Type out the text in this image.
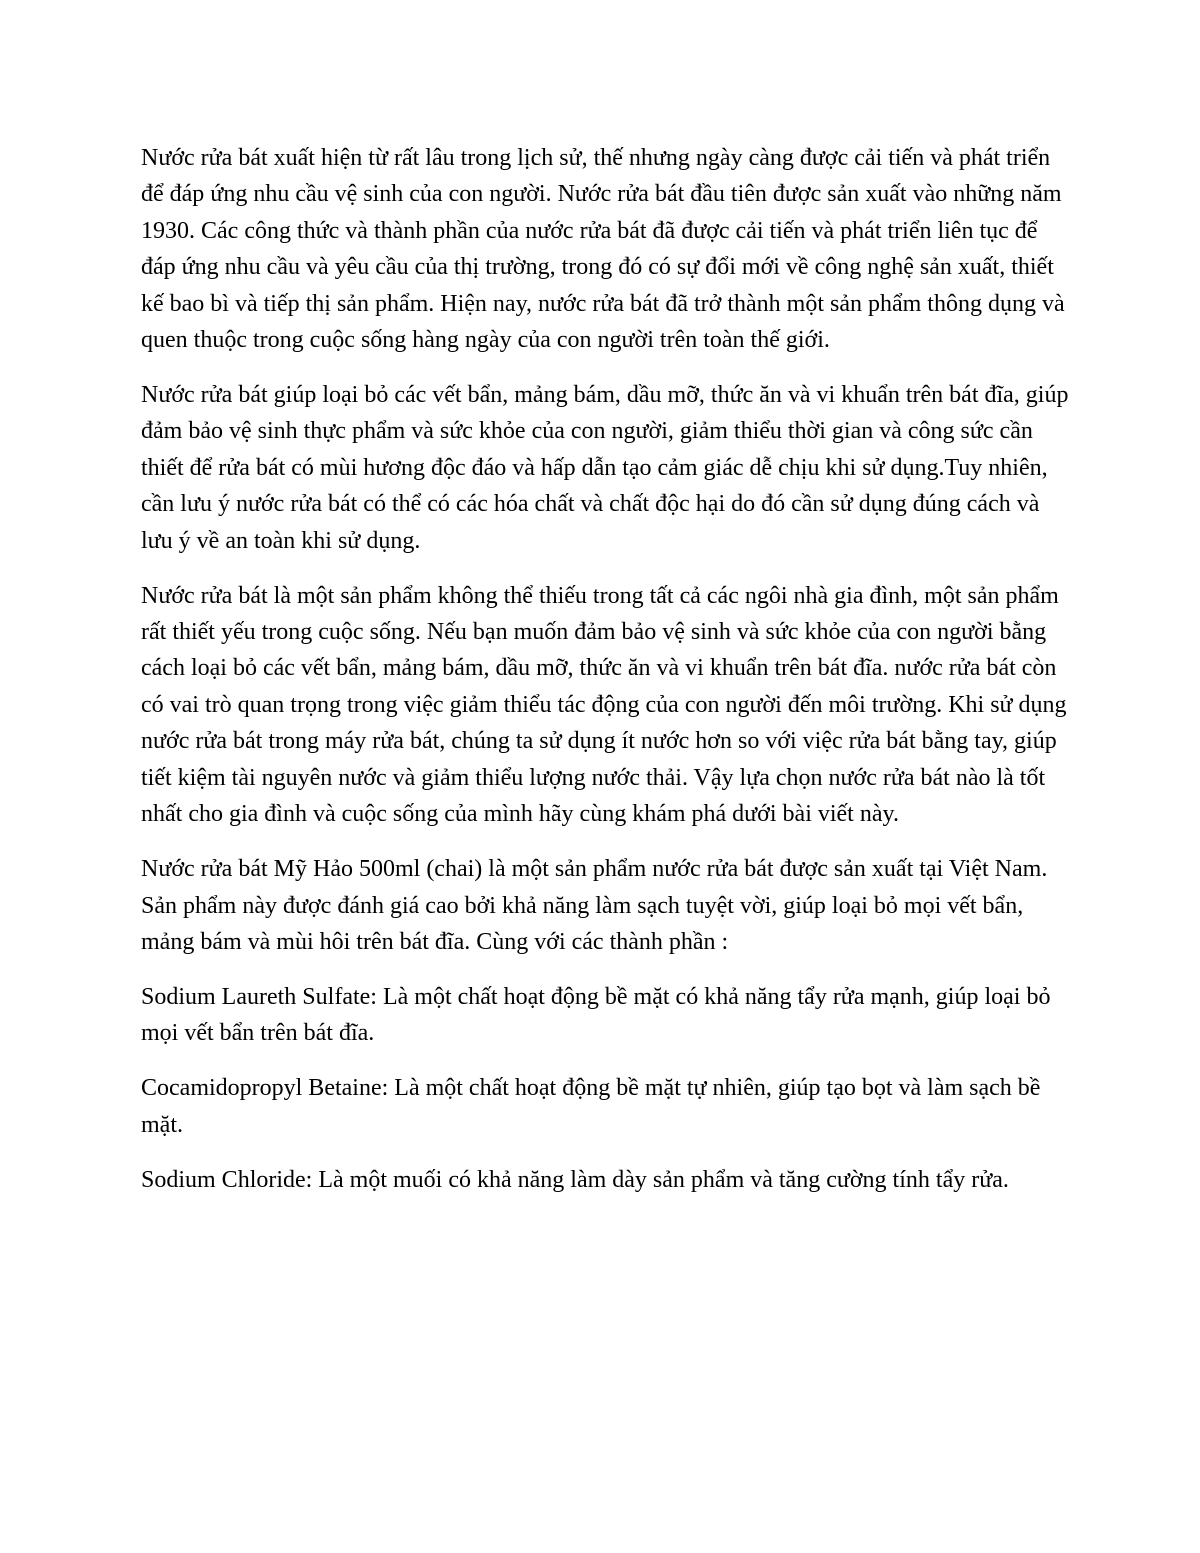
Nước rửa bát xuất hiện từ rất lâu trong lịch sử, thế nhưng ngày càng được cải tiến và phát triển để đáp ứng nhu cầu vệ sinh của con người. Nước rửa bát đầu tiên được sản xuất vào những năm 1930. Các công thức và thành phần của nước rửa bát đã được cải tiến và phát triển liên tục để đáp ứng nhu cầu và yêu cầu của thị trường, trong đó có sự đổi mới về công nghệ sản xuất, thiết kế bao bì và tiếp thị sản phẩm. Hiện nay, nước rửa bát đã trở thành một sản phẩm thông dụng và quen thuộc trong cuộc sống hàng ngày của con người trên toàn thế giới.

Nước rửa bát giúp loại bỏ các vết bẩn, mảng bám, dầu mỡ, thức ăn và vi khuẩn trên bát đĩa, giúp đảm bảo vệ sinh thực phẩm và sức khỏe của con người, giảm thiểu thời gian và công sức cần thiết để rửa bát có mùi hương độc đáo và hấp dẫn tạo cảm giác dễ chịu khi sử dụng.Tuy nhiên, cần lưu ý nước rửa bát có thể có các hóa chất và chất độc hại do đó cần sử dụng đúng cách và lưu ý về an toàn khi sử dụng.

Nước rửa bát là một sản phẩm không thể thiếu trong tất cả các ngôi nhà gia đình, một sản phẩm rất thiết yếu trong cuộc sống. Nếu bạn muốn đảm bảo vệ sinh và sức khỏe của con người bằng cách loại bỏ các vết bẩn, mảng bám, dầu mỡ, thức ăn và vi khuẩn trên bát đĩa. nước rửa bát còn có vai trò quan trọng trong việc giảm thiểu tác động của con người đến môi trường. Khi sử dụng nước rửa bát trong máy rửa bát, chúng ta sử dụng ít nước hơn so với việc rửa bát bằng tay, giúp tiết kiệm tài nguyên nước và giảm thiểu lượng nước thải. Vậy lựa chọn nước rửa bát nào là tốt nhất cho gia đình và cuộc sống của mình hãy cùng khám phá dưới bài viết này.

Nước rửa bát Mỹ Hảo 500ml (chai) là một sản phẩm nước rửa bát được sản xuất tại Việt Nam. Sản phẩm này được đánh giá cao bởi khả năng làm sạch tuyệt vời, giúp loại bỏ mọi vết bẩn, mảng bám và mùi hôi trên bát đĩa. Cùng với các thành phần :

Sodium Laureth Sulfate: Là một chất hoạt động bề mặt có khả năng tẩy rửa mạnh, giúp loại bỏ mọi vết bẩn trên bát đĩa.

Cocamidopropyl Betaine: Là một chất hoạt động bề mặt tự nhiên, giúp tạo bọt và làm sạch bề mặt.

Sodium Chloride: Là một muối có khả năng làm dày sản phẩm và tăng cường tính tẩy rửa.
